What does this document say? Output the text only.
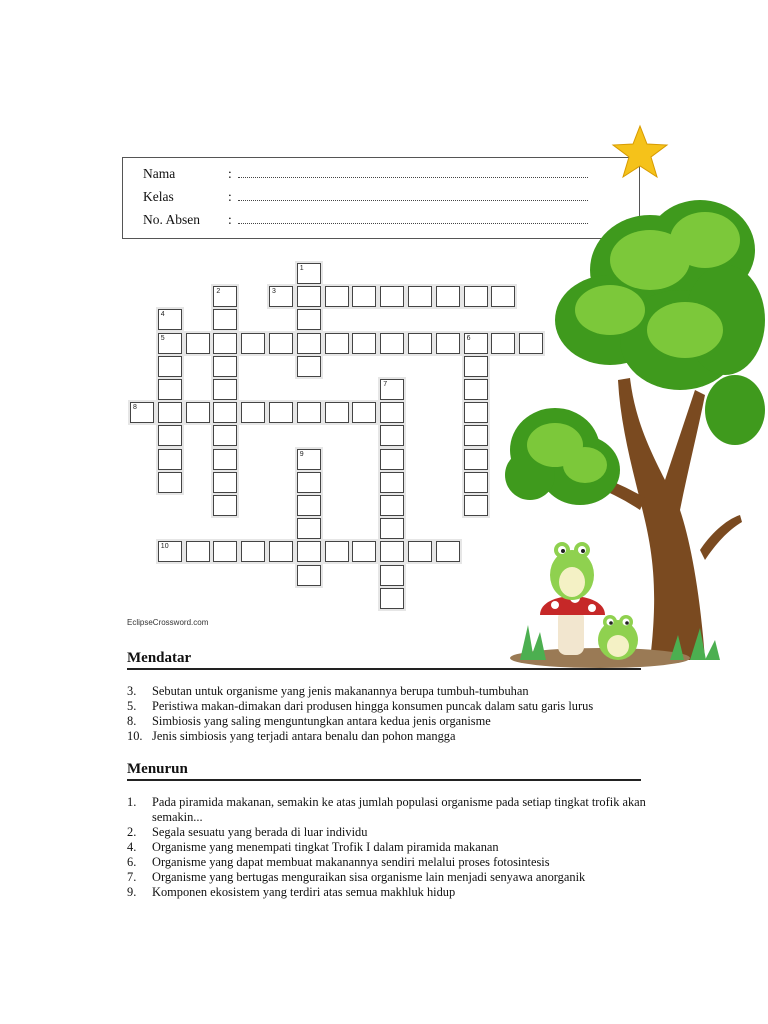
Nama	:
Kelas	:
No. Absen :
1
2	3
4
5	6
7
8
9
10
EclipseCrossword.com
Mendatar
3. Sebutan untuk organisme yang jenis makanannya berupa tumbuh-tumbuhan
5. Peristiwa makan-dimakan dari produsen hingga konsumen puncak dalam satu garis lurus
8. Simbiosis yang saling menguntungkan antara kedua jenis organisme
10. Jenis simbiosis yang terjadi antara benalu dan pohon mangga
Menurun
1. Pada piramida makanan, semakin ke atas jumlah populasi organisme pada setiap tingkat trofik akan semakin...
2. Segala sesuatu yang berada di luar individu
4. Organisme yang menempati tingkat Trofik I dalam piramida makanan
6. Organisme yang dapat membuat makanannya sendiri melalui proses fotosintesis
7. Organisme yang bertugas menguraikan sisa organisme lain menjadi senyawa anorganik
9. Komponen ekosistem yang terdiri atas semua makhluk hidup
